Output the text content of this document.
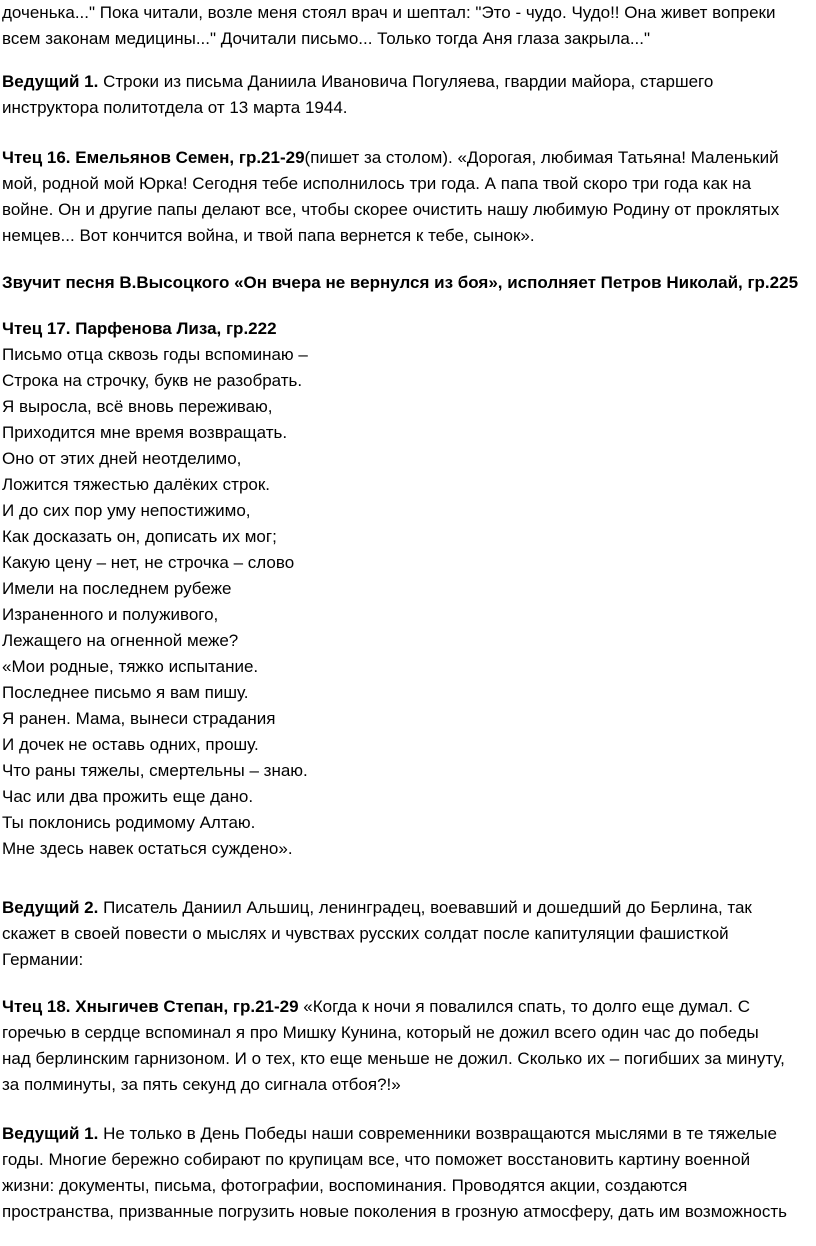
доченька..." Пока читали, возле меня стоял врач и шептал: "Это - чудо. Чудо!! Она живет вопреки
всем законам медицины..." Дочитали письмо... Только тогда Аня глаза закрыла..."
Ведущий 1. Строки из письма Даниила Ивановича Погуляева, гвардии майора, старшего
инструктора политотдела от 13 марта 1944.
Чтец 16. Емельянов Семен, гр.21-29(пишет за столом). «Дорогая, любимая Татьяна! Маленький
мой, родной мой Юрка! Сегодня тебе исполнилось три года. А папа твой скоро три года как на
войне. Он и другие папы делают все, чтобы скорее очистить нашу любимую Родину от проклятых
немцев... Вот кончится война, и твой папа вернется к тебе, сынок».
Звучит песня В.Высоцкого «Он вчера не вернулся из боя», исполняет Петров Николай, гр.225
Чтец 17. Парфенова Лиза, гр.222
Письмо отца сквозь годы вспоминаю –
Строка на строчку, букв не разобрать.
Я выросла, всё вновь переживаю,
Приходится мне время возвращать.
Оно от этих дней неотделимо,
Ложится тяжестью далёких строк.
И до сих пор уму непостижимо,
Как досказать он, дописать их мог;
Какую цену – нет, не строчка – слово
Имели на последнем рубеже
Израненного и полуживого,
Лежащего на огненной меже?
«Мои родные, тяжко испытание.
Последнее письмо я вам пишу.
Я ранен. Мама, вынеси страдания
И дочек не оставь одних, прошу.
Что раны тяжелы, смертельны – знаю.
Час или два прожить еще дано.
Ты поклонись родимому Алтаю.
Мне здесь навек остаться суждено».
Ведущий 2. Писатель Даниил Альшиц, ленинградец, воевавший и дошедший до Берлина, так
скажет в своей повести о мыслях и чувствах русских солдат после капитуляции фашисткой
Германии:
Чтец 18. Хныгичев Степан, гр.21-29 «Когда к ночи я повалился спать, то долго еще думал. С
горечью в сердце вспоминал я про Мишку Кунина, который не дожил всего один час до победы
над берлинским гарнизоном. И о тех, кто еще меньше не дожил. Сколько их – погибших за минуту,
за полминуты, за пять секунд до сигнала отбоя?!»
Ведущий 1. Не только в День Победы наши современники возвращаются мыслями в те тяжелые
годы. Многие бережно собирают по крупицам все, что поможет восстановить картину военной
жизни: документы, письма, фотографии, воспоминания. Проводятся акции, создаются
пространства, призванные погрузить новые поколения в грозную атмосферу, дать им возможность
